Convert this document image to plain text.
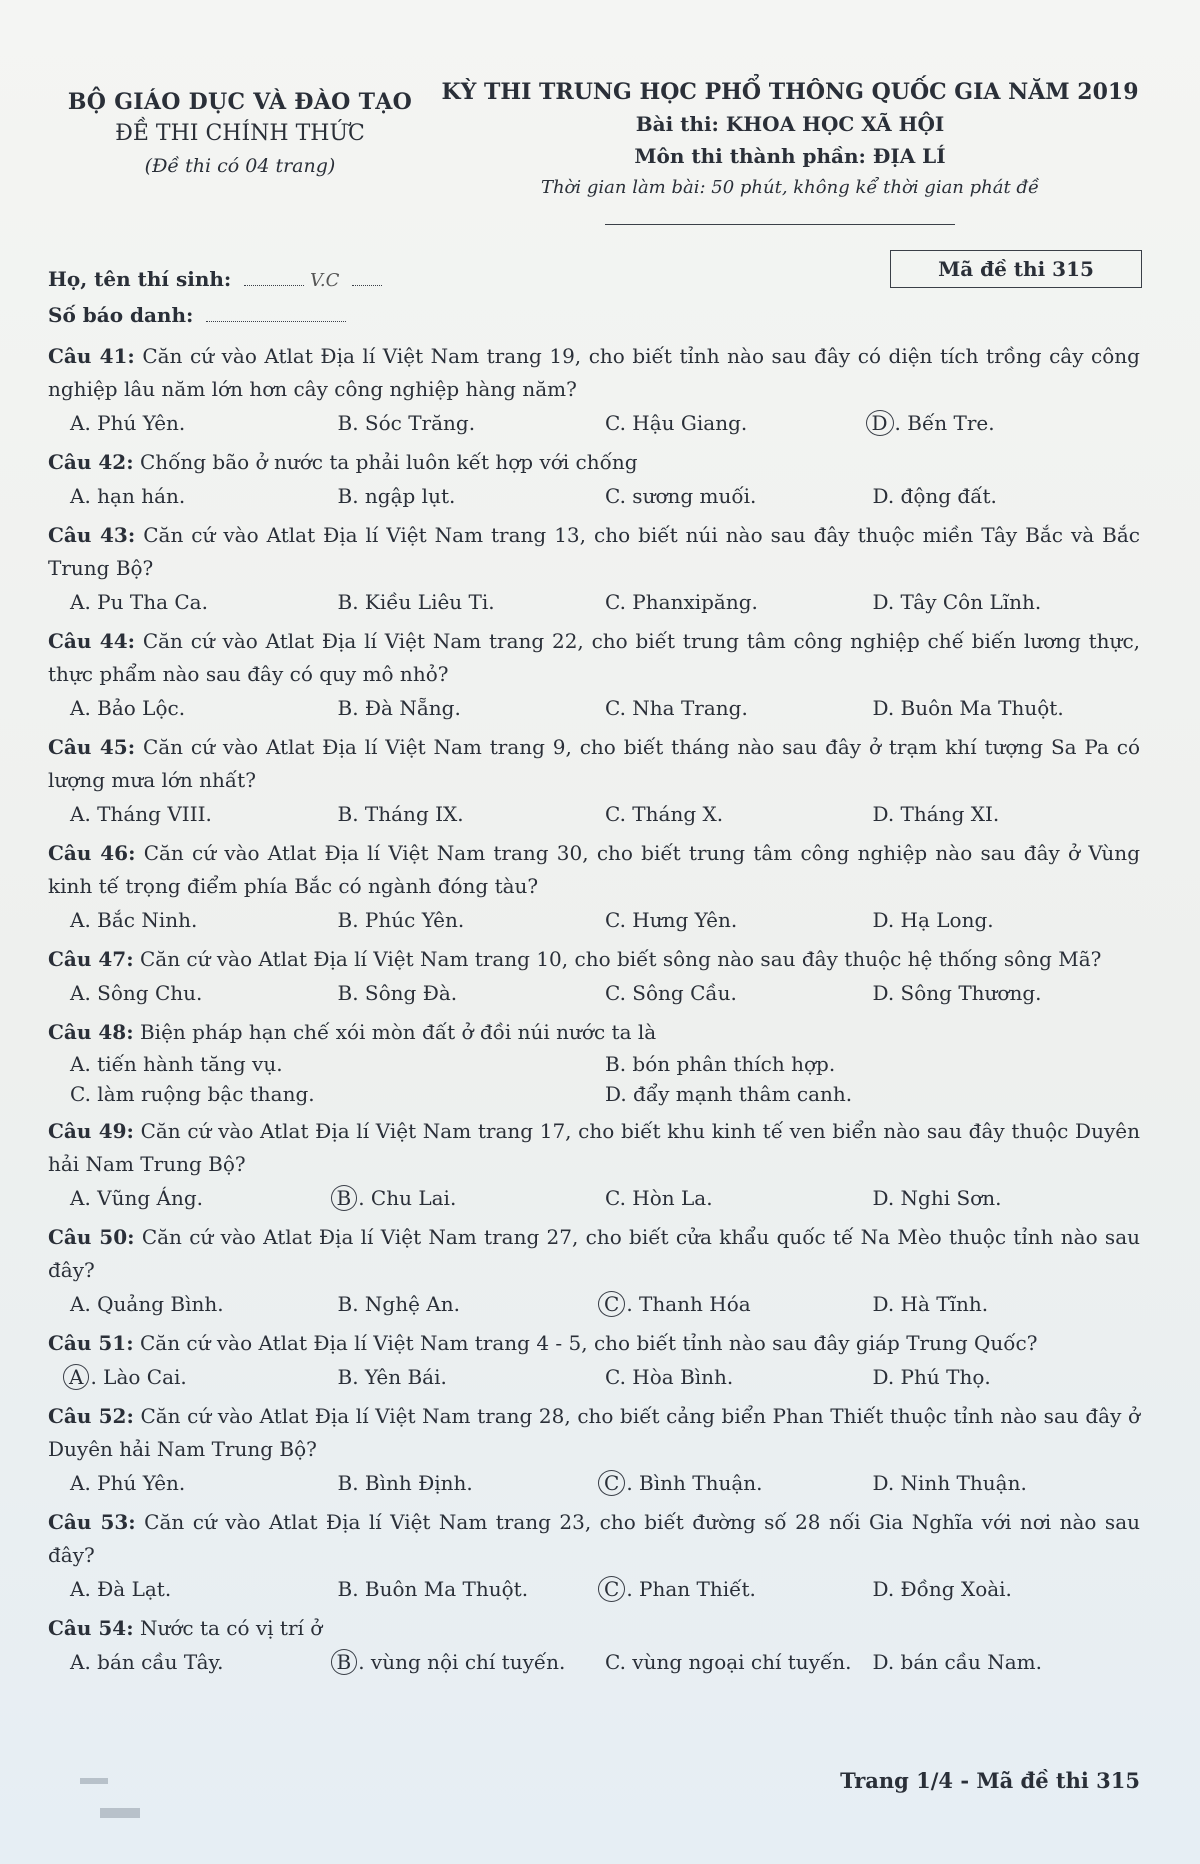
BỘ GIÁO DỤC VÀ ĐÀO TẠO
ĐỀ THI CHÍNH THỨC
(Đề thi có 04 trang)
KỲ THI TRUNG HỌC PHỔ THÔNG QUỐC GIA NĂM 2019
Bài thi: KHOA HỌC XÃ HỘI
Môn thi thành phần: ĐỊA LÍ
Thời gian làm bài: 50 phút, không kể thời gian phát đề
Họ, tên thí sinh:	V.C
Số báo danh:
Mã đề thi 315
Câu 41: Căn cứ vào Atlat Địa lí Việt Nam trang 19, cho biết tỉnh nào sau đây có diện tích trồng cây công nghiệp lâu năm lớn hơn cây công nghiệp hàng năm?
A. Phú Yên.	B. Sóc Trăng.	C. Hậu Giang.	D . Bến Tre.
Câu 42: Chống bão ở nước ta phải luôn kết hợp với chống
A. hạn hán.	B. ngập lụt.	C. sương muối.	D. động đất.
Câu 43: Căn cứ vào Atlat Địa lí Việt Nam trang 13, cho biết núi nào sau đây thuộc miền Tây Bắc và Bắc Trung Bộ?
A. Pu Tha Ca.	B. Kiều Liêu Ti.	C. Phanxipăng.	D. Tây Côn Lĩnh.
Câu 44: Căn cứ vào Atlat Địa lí Việt Nam trang 22, cho biết trung tâm công nghiệp chế biến lương thực, thực phẩm nào sau đây có quy mô nhỏ?
A. Bảo Lộc.	B. Đà Nẵng.	C. Nha Trang.	D. Buôn Ma Thuột.
Câu 45: Căn cứ vào Atlat Địa lí Việt Nam trang 9, cho biết tháng nào sau đây ở trạm khí tượng Sa Pa có lượng mưa lớn nhất?
A. Tháng VIII.	B. Tháng IX.	C. Tháng X.	D. Tháng XI.
Câu 46: Căn cứ vào Atlat Địa lí Việt Nam trang 30, cho biết trung tâm công nghiệp nào sau đây ở Vùng kinh tế trọng điểm phía Bắc có ngành đóng tàu?
A. Bắc Ninh.	B. Phúc Yên.	C. Hưng Yên.	D. Hạ Long.
Câu 47: Căn cứ vào Atlat Địa lí Việt Nam trang 10, cho biết sông nào sau đây thuộc hệ thống sông Mã?
A. Sông Chu.	B. Sông Đà.	C. Sông Cầu.	D. Sông Thương.
Câu 48: Biện pháp hạn chế xói mòn đất ở đồi núi nước ta là
A. tiến hành tăng vụ.	B. bón phân thích hợp.
C. làm ruộng bậc thang.	D. đẩy mạnh thâm canh.
Câu 49: Căn cứ vào Atlat Địa lí Việt Nam trang 17, cho biết khu kinh tế ven biển nào sau đây thuộc Duyên hải Nam Trung Bộ?
A. Vũng Áng.	B . Chu Lai.	C. Hòn La.	D. Nghi Sơn.
Câu 50: Căn cứ vào Atlat Địa lí Việt Nam trang 27, cho biết cửa khẩu quốc tế Na Mèo thuộc tỉnh nào sau đây?
A. Quảng Bình.	B. Nghệ An.	C . Thanh Hóa	D. Hà Tĩnh.
Câu 51: Căn cứ vào Atlat Địa lí Việt Nam trang 4 - 5, cho biết tỉnh nào sau đây giáp Trung Quốc?
A . Lào Cai.	B. Yên Bái.	C. Hòa Bình.	D. Phú Thọ.
Câu 52: Căn cứ vào Atlat Địa lí Việt Nam trang 28, cho biết cảng biển Phan Thiết thuộc tỉnh nào sau đây ở Duyên hải Nam Trung Bộ?
A. Phú Yên.	B. Bình Định.	C . Bình Thuận.	D. Ninh Thuận.
Câu 53: Căn cứ vào Atlat Địa lí Việt Nam trang 23, cho biết đường số 28 nối Gia Nghĩa với nơi nào sau đây?
A. Đà Lạt.	B. Buôn Ma Thuột.	C . Phan Thiết.	D. Đồng Xoài.
Câu 54: Nước ta có vị trí ở
A. bán cầu Tây.	B . vùng nội chí tuyến.	C. vùng ngoại chí tuyến.	D. bán cầu Nam.
Trang 1/4 - Mã đề thi 315
